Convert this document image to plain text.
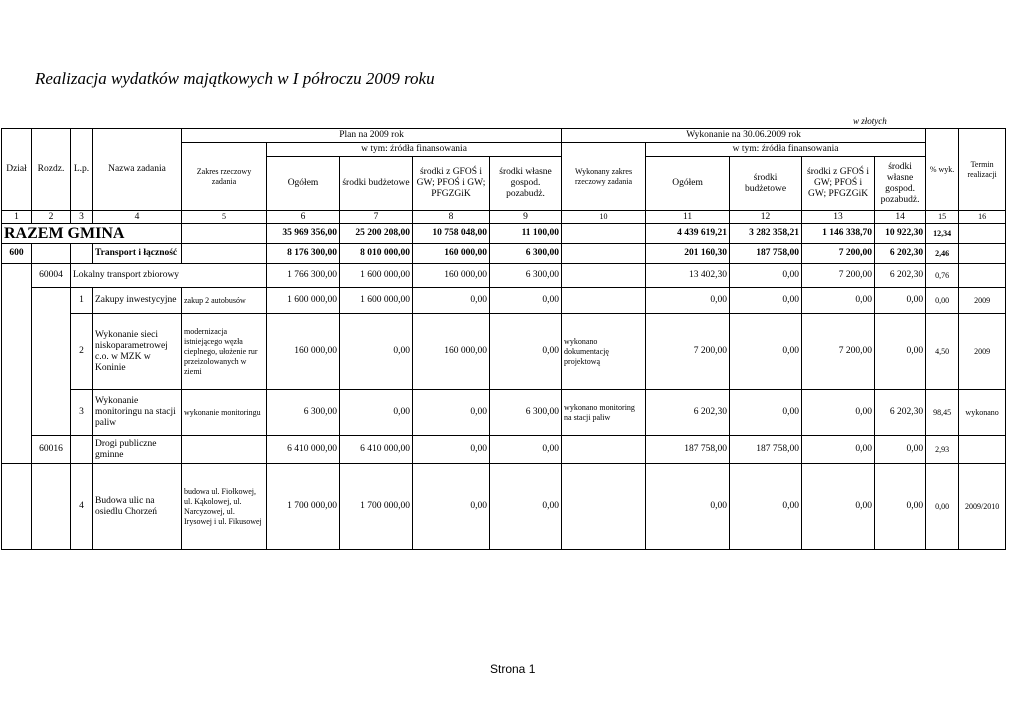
Realizacja wydatków majątkowych w I półroczu 2009 roku
w złotych
Dział	Rozdz.	L.p.	Nazwa zadania	Plan na 2009 rok					Wykonanie na 30.06.2009 rok					% wyk.	Termin realizacji
				Zakres rzeczowy zadania	w tym: źródła finansowania				Wykonany zakres rzeczowy zadania	w tym: źródła finansowania					
					Ogółem	środki budżetowe	środki z GFOŚ i GW; PFOŚ i GW; PFGZGiK	środki własne gospod. pozabudż.		Ogółem	środki budżetowe	środki z GFOŚ i GW; PFOŚ i GW; PFGZGiK	środki własne gospod. pozabudż.		
1	2	3	4	5	6	7	8	9	10	11	12	13	14	15	16
RAZEM GMINA					35 969 356,00	25 200 208,00	10 758 048,00	11 100,00		4 439 619,21	3 282 358,21	1 146 338,70	10 922,30	12,34	
600			Transport i łączność		8 176 300,00	8 010 000,00	160 000,00	6 300,00		201 160,30	187 758,00	7 200,00	6 202,30	2,46	
	60004	Lokalny transport zbiorowy			1 766 300,00	1 600 000,00	160 000,00	6 300,00		13 402,30	0,00	7 200,00	6 202,30	0,76	
		1	Zakupy inwestycyjne	zakup 2 autobusów	1 600 000,00	1 600 000,00	0,00	0,00		0,00	0,00	0,00	0,00	0,00	2009
		2	Wykonanie sieci niskoparametrowej c.o. w MZK w Koninie	modernizacja istniejącego węzła cieplnego, ułożenie rur przeizolowanych w ziemi	160 000,00	0,00	160 000,00	0,00	wykonano dokumentację projektową	7 200,00	0,00	7 200,00	0,00	4,50	2009
		3	Wykonanie monitoringu na stacji paliw	wykonanie monitoringu	6 300,00	0,00	0,00	6 300,00	wykonano monitoring na stacji paliw	6 202,30	0,00	0,00	6 202,30	98,45	wykonano
	60016		Drogi publiczne gminne		6 410 000,00	6 410 000,00	0,00	0,00		187 758,00	187 758,00	0,00	0,00	2,93	
		4	Budowa ulic na osiedlu Chorzeń	budowa ul. Fiołkowej, ul. Kąkolowej, ul. Narcyzowej, ul. Irysowej i ul. Fikusowej	1 700 000,00	1 700 000,00	0,00	0,00		0,00	0,00	0,00	0,00	0,00	2009/2010
Strona 1
